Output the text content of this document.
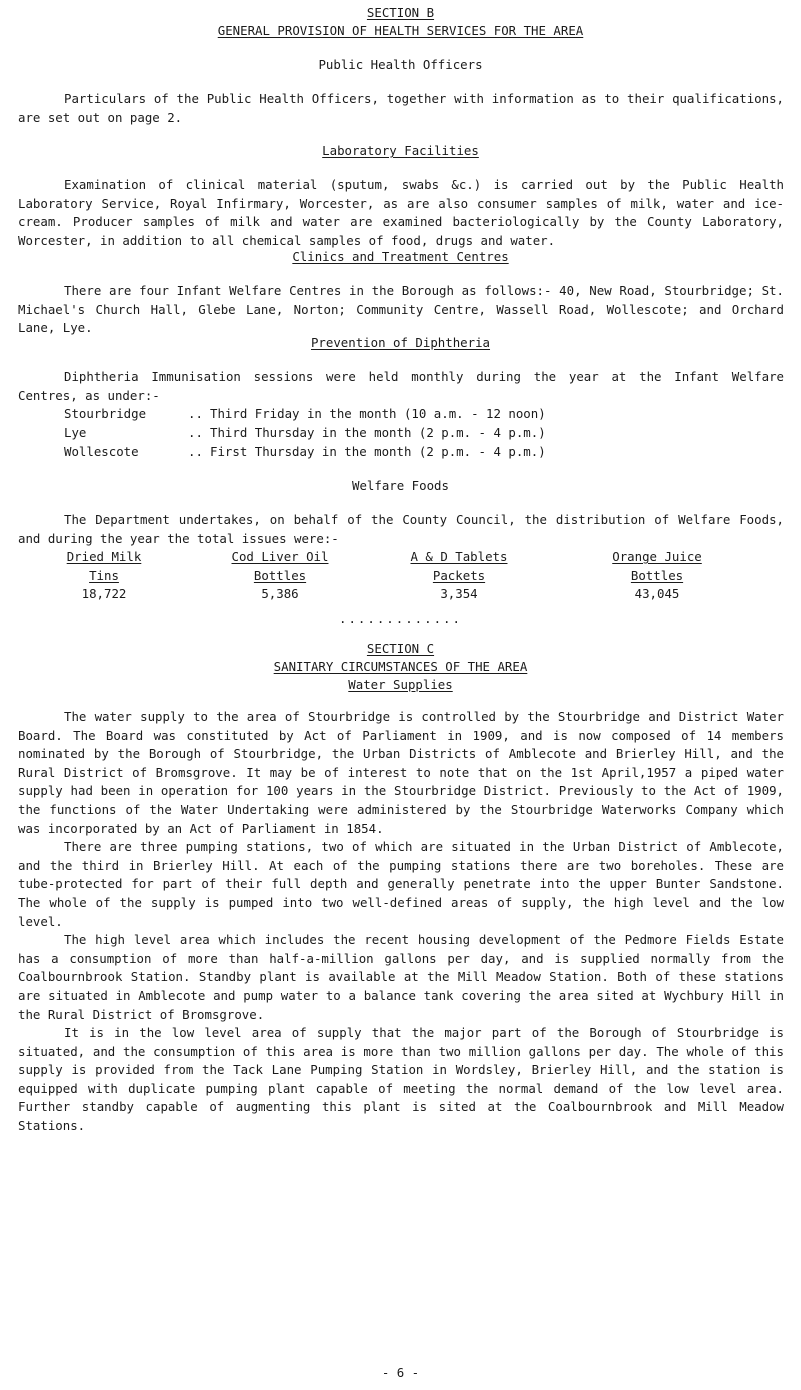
SECTION B
GENERAL PROVISION OF HEALTH SERVICES FOR THE AREA
Public Health Officers

Particulars of the Public Health Officers, together with information as to their qualifications, are set out on page 2.

Laboratory Facilities

Examination of clinical material (sputum, swabs &c.) is carried out by the Public Health Laboratory Service, Royal Infirmary, Worcester, as are also consumer samples of milk, water and ice-cream. Producer samples of milk and water are examined bacteriologically by the County Laboratory, Worcester, in addition to all chemical samples of food, drugs and water.

Clinics and Treatment Centres

There are four Infant Welfare Centres in the Borough as follows:- 40, New Road, Stourbridge; St. Michael's Church Hall, Glebe Lane, Norton; Community Centre, Wassell Road, Wollescote; and Orchard Lane, Lye.

Prevention of Diphtheria

Diphtheria Immunisation sessions were held monthly during the year at the Infant Welfare Centres, as under:-

Stourbridge	.. Third Friday in the month (10 a.m. - 12 noon)
Lye	.. Third Thursday in the month (2 p.m. - 4 p.m.)
Wollescote	.. First Thursday in the month (2 p.m. - 4 p.m.)
Welfare Foods

The Department undertakes, on behalf of the County Council, the distribution of Welfare Foods, and during the year the total issues were:-

Dried Milk	Cod Liver Oil	A & D Tablets	Orange Juice
Tins	Bottles	Packets	Bottles
18,722	5,386	3,354	43,045
.............
SECTION C
SANITARY CIRCUMSTANCES OF THE AREA
Water Supplies

The water supply to the area of Stourbridge is controlled by the Stourbridge and District Water Board. The Board was constituted by Act of Parliament in 1909, and is now composed of 14 members nominated by the Borough of Stourbridge, the Urban Districts of Amblecote and Brierley Hill, and the Rural District of Bromsgrove. It may be of interest to note that on the 1st April,1957 a piped water supply had been in operation for 100 years in the Stourbridge District. Previously to the Act of 1909, the functions of the Water Undertaking were administered by the Stourbridge Waterworks Company which was incorporated by an Act of Parliament in 1854.

There are three pumping stations, two of which are situated in the Urban District of Amblecote, and the third in Brierley Hill. At each of the pumping stations there are two boreholes. These are tube-protected for part of their full depth and generally penetrate into the upper Bunter Sandstone. The whole of the supply is pumped into two well-defined areas of supply, the high level and the low level.

The high level area which includes the recent housing development of the Pedmore Fields Estate has a consumption of more than half-a-million gallons per day, and is supplied normally from the Coalbournbrook Station. Standby plant is available at the Mill Meadow Station. Both of these stations are situated in Amblecote and pump water to a balance tank covering the area sited at Wychbury Hill in the Rural District of Bromsgrove.

It is in the low level area of supply that the major part of the Borough of Stourbridge is situated, and the consumption of this area is more than two million gallons per day. The whole of this supply is provided from the Tack Lane Pumping Station in Wordsley, Brierley Hill, and the station is equipped with duplicate pumping plant capable of meeting the normal demand of the low level area. Further standby capable of augmenting this plant is sited at the Coalbournbrook and Mill Meadow Stations.

- 6 -
